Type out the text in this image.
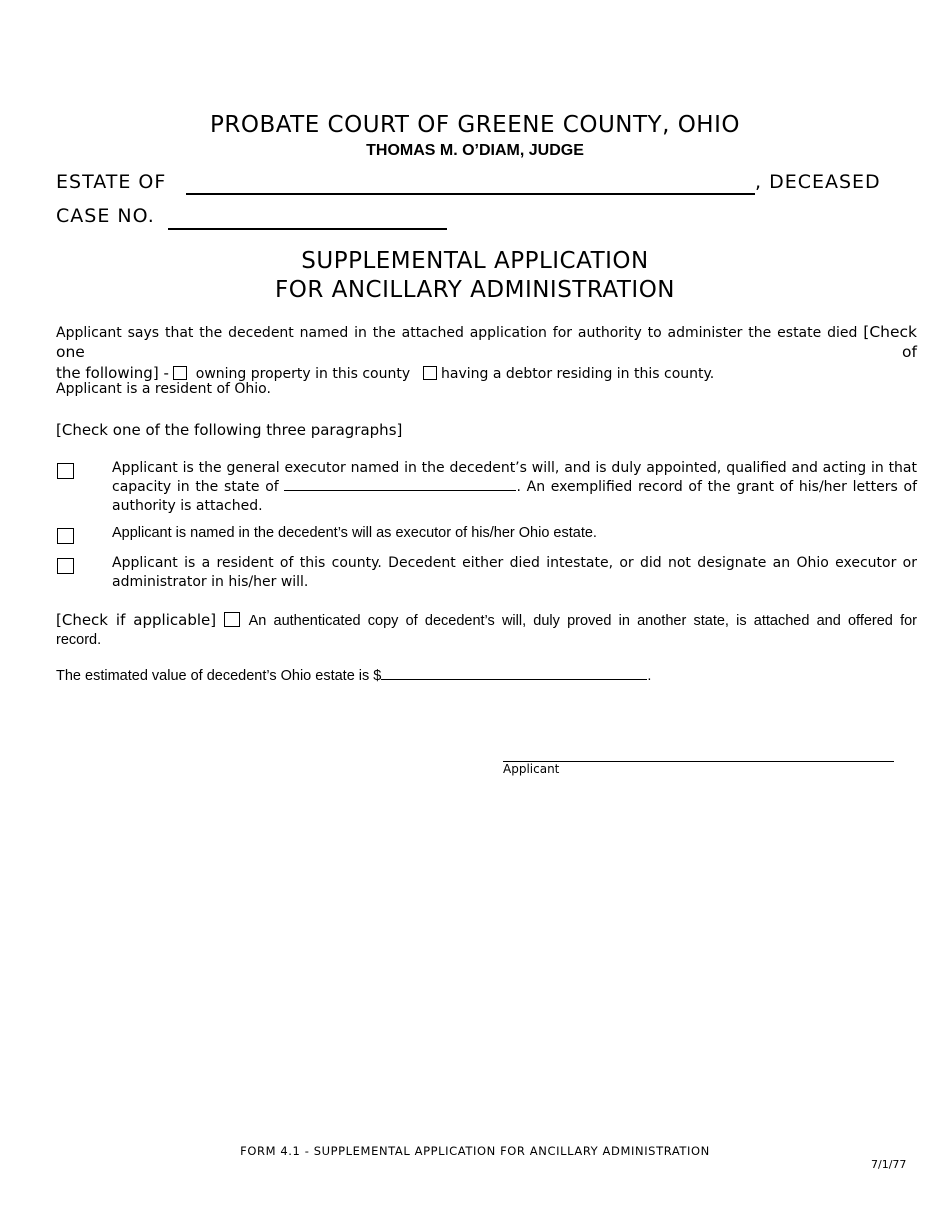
PROBATE COURT OF GREENE COUNTY, OHIO
THOMAS M. O’DIAM, JUDGE
ESTATE OF	, DECEASED
CASE NO.
SUPPLEMENTAL APPLICATION
FOR ANCILLARY ADMINISTRATION
Applicant says that the decedent named in the attached application for authority to administer the estate died [Check one of
the following] - owning property in this county having a debtor residing in this county.
Applicant is a resident of Ohio.
[Check one of the following three paragraphs]
Applicant is the general executor named in the decedent’s will, and is duly appointed, qualified and acting in that capacity in the state of	. An exemplified record of the grant of his/her letters of authority is attached.
Applicant is named in the decedent’s will as executor of his/her Ohio estate.
Applicant is a resident of this county. Decedent either died intestate, or did not designate an Ohio executor or administrator in his/her will.
[Check if applicable] An authenticated copy of decedent’s will, duly proved in another state, is attached and offered for
record.
The estimated value of decedent’s Ohio estate is $	.
Applicant
FORM 4.1 - SUPPLEMENTAL APPLICATION FOR ANCILLARY ADMINISTRATION
7/1/77
